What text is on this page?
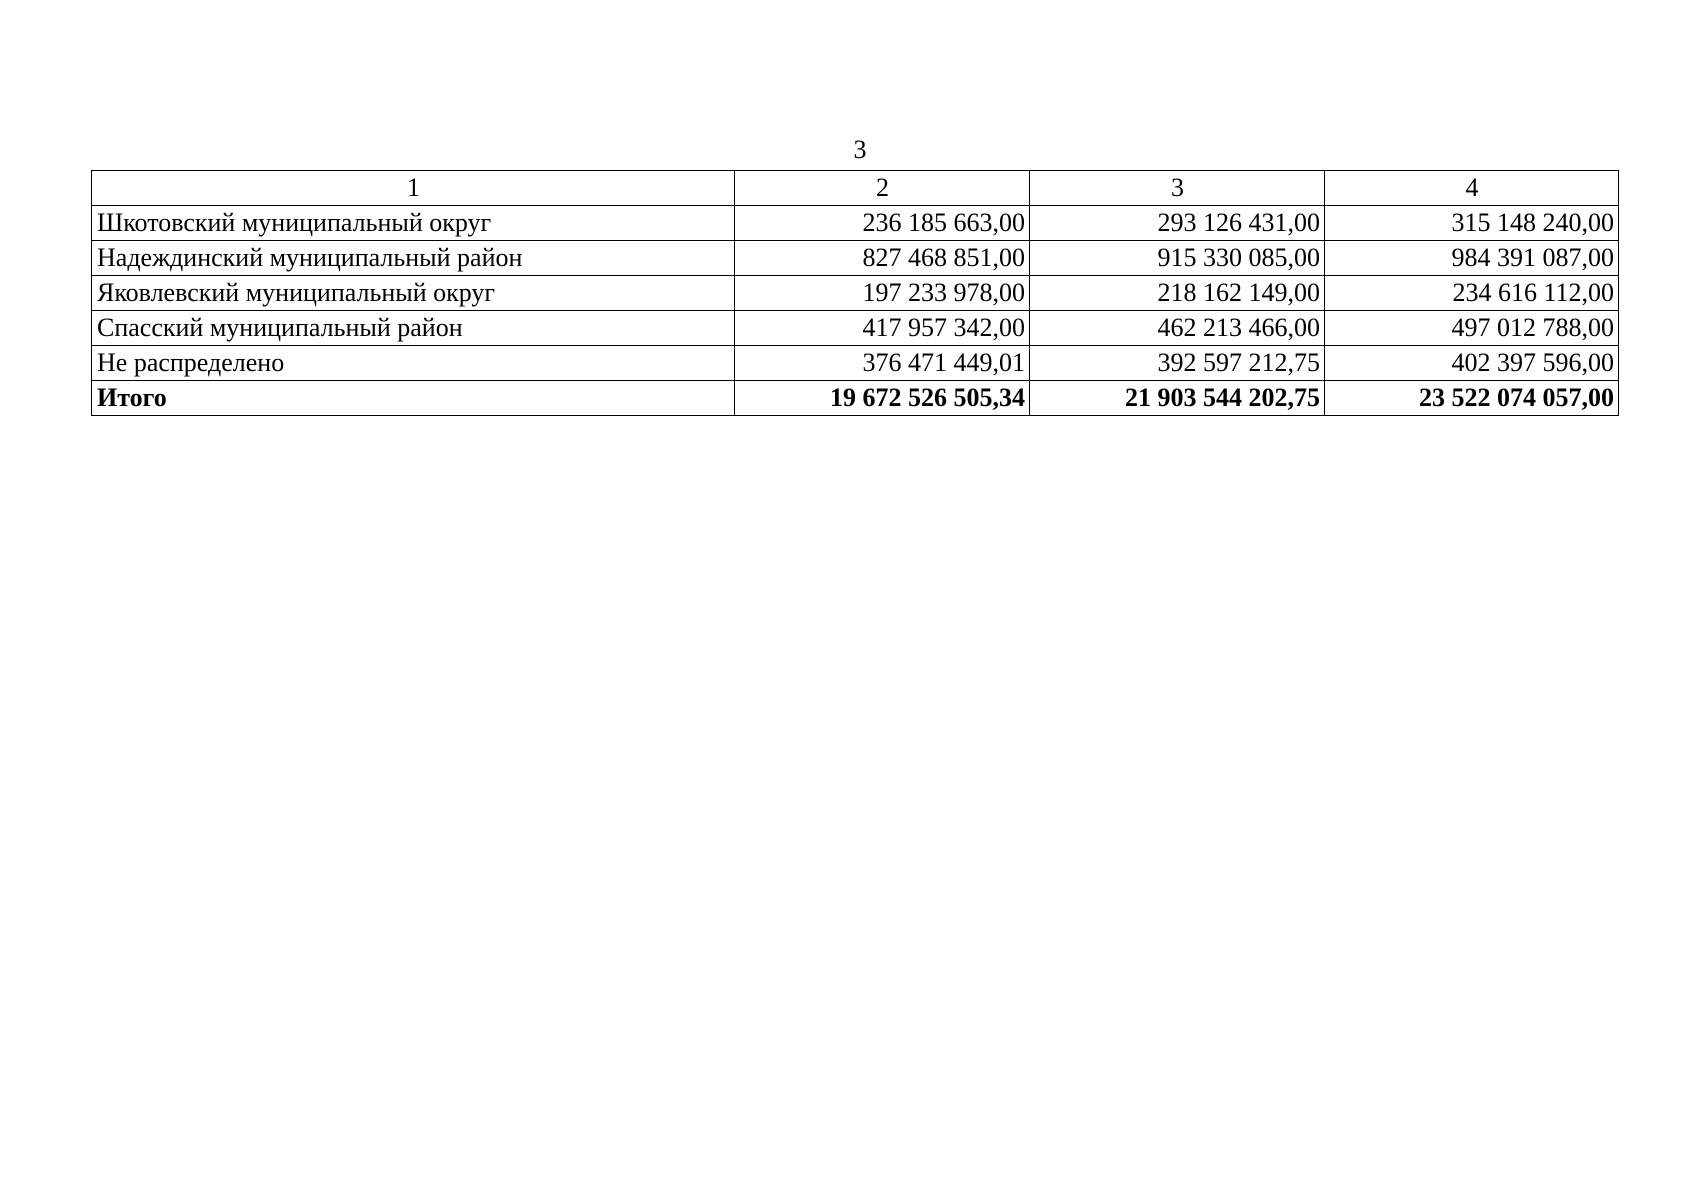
3
1	2	3	4
Шкотовский муниципальный округ	236 185 663,00	293 126 431,00	315 148 240,00
Надеждинский муниципальный район	827 468 851,00	915 330 085,00	984 391 087,00
Яковлевский муниципальный округ	197 233 978,00	218 162 149,00	234 616 112,00
Спасский муниципальный район	417 957 342,00	462 213 466,00	497 012 788,00
Не распределено	376 471 449,01	392 597 212,75	402 397 596,00
Итого	19 672 526 505,34	21 903 544 202,75	23 522 074 057,00
